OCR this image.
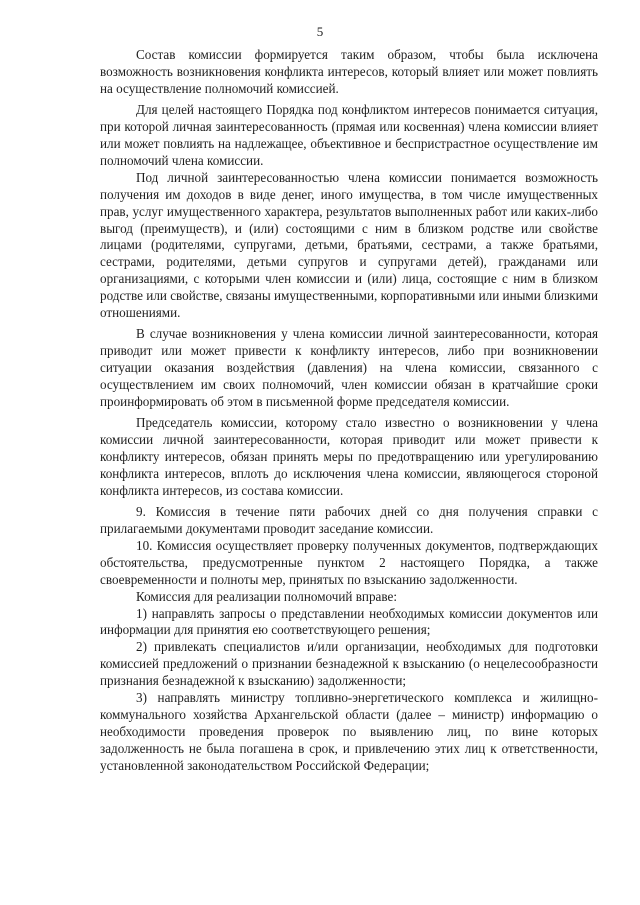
5

Состав комиссии формируется таким образом, чтобы была исключена возможность возникновения конфликта интересов, который влияет или может повлиять на осуществление полномочий комиссией.

Для целей настоящего Порядка под конфликтом интересов понимается ситуация, при которой личная заинтересованность (прямая или косвенная) члена комиссии влияет или может повлиять на надлежащее, объективное и беспристрастное осуществление им полномочий члена комиссии.

Под личной заинтересованностью члена комиссии понимается возможность получения им доходов в виде денег, иного имущества, в том числе имущественных прав, услуг имущественного характера, результатов выполненных работ или каких-либо выгод (преимуществ), и (или) состоящими с ним в близком родстве или свойстве лицами (родителями, супругами, детьми, братьями, сестрами, а также братьями, сестрами, родителями, детьми супругов и супругами детей), гражданами или организациями, с которыми член комиссии и (или) лица, состоящие с ним в близком родстве или свойстве, связаны имущественными, корпоративными или иными близкими отношениями.

В случае возникновения у члена комиссии личной заинтересованности, которая приводит или может привести к конфликту интересов, либо при возникновении ситуации оказания воздействия (давления) на члена комиссии, связанного с осуществлением им своих полномочий, член комиссии обязан в кратчайшие сроки проинформировать об этом в письменной форме председателя комиссии.

Председатель комиссии, которому стало известно о возникновении у члена комиссии личной заинтересованности, которая приводит или может привести к конфликту интересов, обязан принять меры по предотвращению или урегулированию конфликта интересов, вплоть до исключения члена комиссии, являющегося стороной конфликта интересов, из состава комиссии.

9. Комиссия в течение пяти рабочих дней со дня получения справки с прилагаемыми документами проводит заседание комиссии.

10. Комиссия осуществляет проверку полученных документов, подтверждающих обстоятельства, предусмотренные пунктом 2 настоящего Порядка, а также своевременности и полноты мер, принятых по взысканию задолженности.

Комиссия для реализации полномочий вправе:

1) направлять запросы о представлении необходимых комиссии документов или информации для принятия ею соответствующего решения;

2) привлекать специалистов и/или организации, необходимых для подготовки комиссией предложений о признании безнадежной к взысканию (о нецелесообразности признания безнадежной к взысканию) задолженности;

3) направлять министру топливно-энергетического комплекса и жилищно-коммунального хозяйства Архангельской области (далее – министр) информацию о необходимости проведения проверок по выявлению лиц, по вине которых задолженность не была погашена в срок, и привлечению этих лиц к ответственности, установленной законодательством Российской Федерации;
